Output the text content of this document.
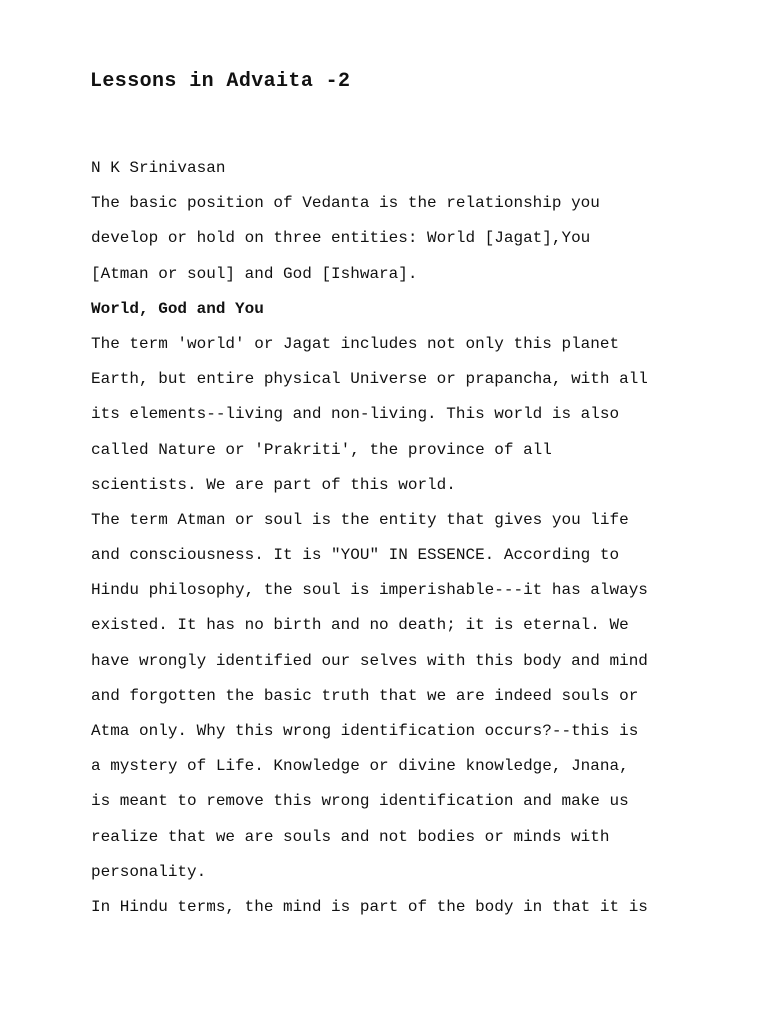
Lessons in Advaita -2
N K Srinivasan
The basic position of Vedanta is the relationship you
develop or hold on three entities: World [Jagat],You
[Atman or soul] and God [Ishwara].
World, God and You
The term 'world' or Jagat includes not only this planet
Earth, but entire physical Universe or prapancha, with all
its elements--living and non-living. This world is also
called Nature or 'Prakriti', the province of all
scientists. We are part of this world.
The term Atman or soul is the entity that gives you life
and consciousness. It is "YOU" IN ESSENCE. According to
Hindu philosophy, the soul is imperishable---it has always
existed. It has no birth and no death; it is eternal. We
have wrongly identified our selves with this body and mind
and forgotten the basic truth that we are indeed souls or
Atma only. Why this wrong identification occurs?--this is
a mystery of Life. Knowledge or divine knowledge, Jnana,
is meant to remove this wrong identification and make us
realize that we are souls and not bodies or minds with
personality.
In Hindu terms, the mind is part of the body in that it is
